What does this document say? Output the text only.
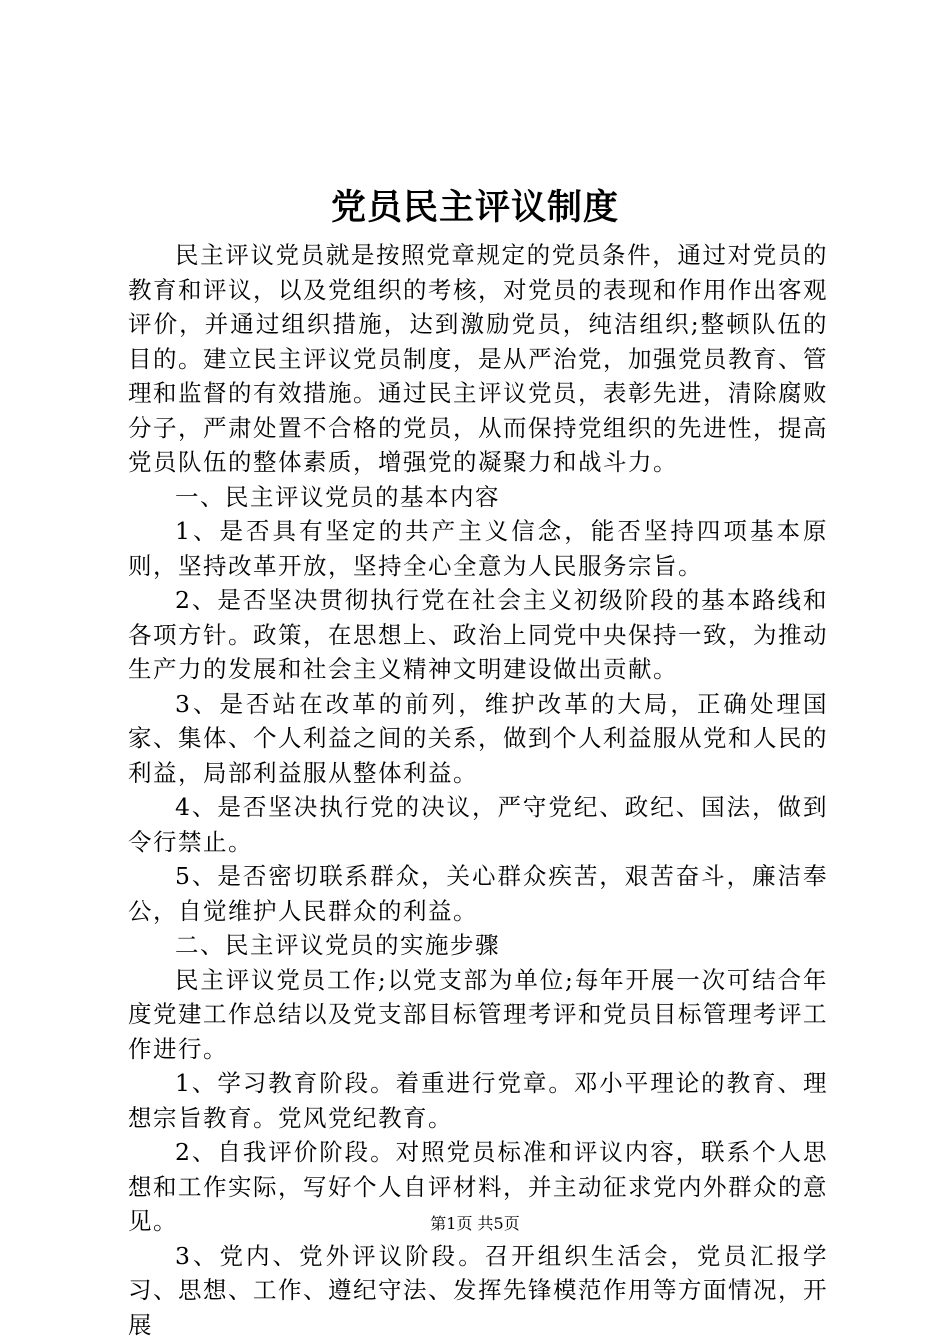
党员民主评议制度

民主评议党员就是按照党章规定的党员条件，通过对党员的教育和评议，以及党组织的考核，对党员的表现和作用作出客观评价，并通过组织措施，达到激励党员，纯洁组织;整顿队伍的目的。建立民主评议党员制度，是从严治党，加强党员教育、管理和监督的有效措施。通过民主评议党员，表彰先进，清除腐败分子，严肃处置不合格的党员，从而保持党组织的先进性，提高党员队伍的整体素质，增强党的凝聚力和战斗力。

一、民主评议党员的基本内容

1、是否具有坚定的共产主义信念，能否坚持四项基本原则，坚持改革开放，坚持全心全意为人民服务宗旨。

2、是否坚决贯彻执行党在社会主义初级阶段的基本路线和各项方针。政策，在思想上、政治上同党中央保持一致，为推动生产力的发展和社会主义精神文明建设做出贡献。

3、是否站在改革的前列，维护改革的大局，正确处理国家、集体、个人利益之间的关系，做到个人利益服从党和人民的利益，局部利益服从整体利益。

4、是否坚决执行党的决议，严守党纪、政纪、国法，做到令行禁止。

5、是否密切联系群众，关心群众疾苦，艰苦奋斗，廉洁奉公，自觉维护人民群众的利益。

二、民主评议党员的实施步骤

民主评议党员工作;以党支部为单位;每年开展一次可结合年度党建工作总结以及党支部目标管理考评和党员目标管理考评工作进行。

1、学习教育阶段。着重进行党章。邓小平理论的教育、理想宗旨教育。党风党纪教育。

2、自我评价阶段。对照党员标准和评议内容，联系个人思想和工作实际，写好个人自评材料，并主动征求党内外群众的意见。

3、党内、党外评议阶段。召开组织生活会，党员汇报学习、思想、工作、遵纪守法、发挥先锋模范作用等方面情况，开展

第1页 共5页
